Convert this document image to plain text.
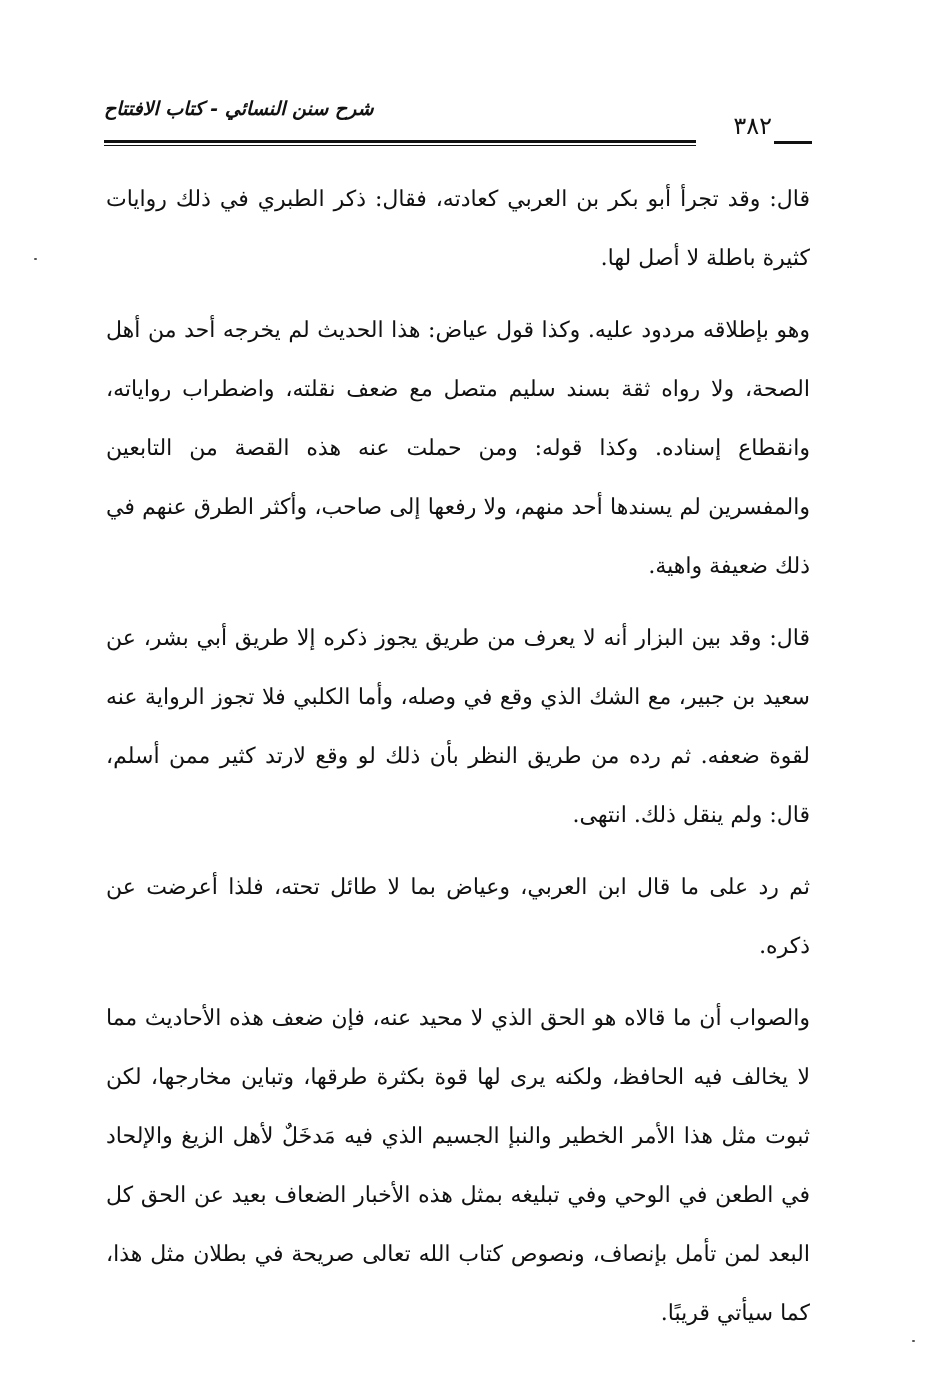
شرح سنن النسائي - كتاب الافتتاح
٣٨٢

قال: وقد تجرأ أبو بكر بن العربي كعادته، فقال: ذكر الطبري في ذلك روايات كثيرة باطلة لا أصل لها.

وهو بإطلاقه مردود عليه. وكذا قول عياض: هذا الحديث لم يخرجه أحد من أهل الصحة، ولا رواه ثقة بسند سليم متصل مع ضعف نقلته، واضطراب رواياته، وانقطاع إسناده. وكذا قوله: ومن حملت عنه هذه القصة من التابعين والمفسرين لم يسندها أحد منهم، ولا رفعها إلى صاحب، وأكثر الطرق عنهم في ذلك ضعيفة واهية.

قال: وقد بين البزار أنه لا يعرف من طريق يجوز ذكره إلا طريق أبي بشر، عن سعيد بن جبير، مع الشك الذي وقع في وصله، وأما الكلبي فلا تجوز الرواية عنه لقوة ضعفه. ثم رده من طريق النظر بأن ذلك لو وقع لارتد كثير ممن أسلم، قال: ولم ينقل ذلك. انتهى.

ثم رد على ما قال ابن العربي، وعياض بما لا طائل تحته، فلذا أعرضت عن ذكره.

والصواب أن ما قالاه هو الحق الذي لا محيد عنه، فإن ضعف هذه الأحاديث مما لا يخالف فيه الحافظ، ولكنه يرى لها قوة بكثرة طرقها، وتباين مخارجها، لكن ثبوت مثل هذا الأمر الخطير والنبإ الجسيم الذي فيه مَدخَلٌ لأهل الزيغ والإلحاد في الطعن في الوحي وفي تبليغه بمثل هذه الأخبار الضعاف بعيد عن الحق كل البعد لمن تأمل بإنصاف، ونصوص كتاب الله تعالى صريحة في بطلان مثل هذا، كما سيأتي قريبًا.
